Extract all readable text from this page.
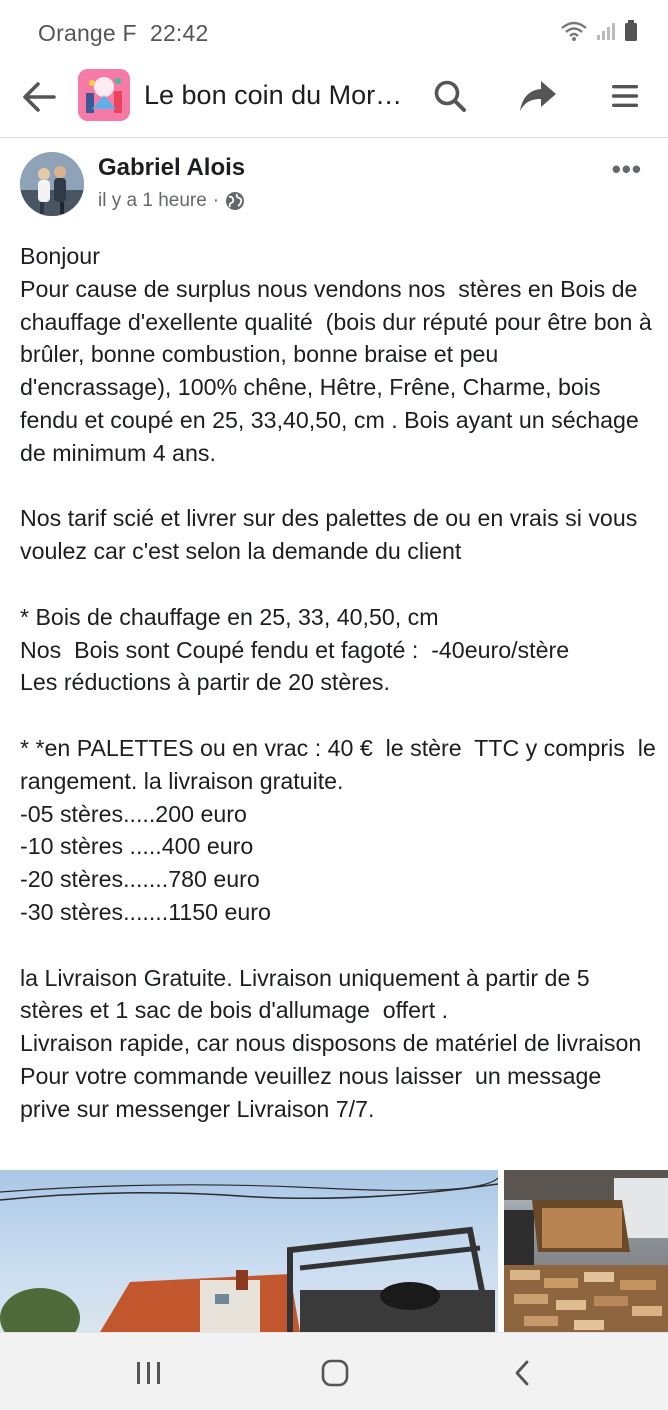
Orange F 22:42
Le bon coin du Mor…
Gabriel Alois
il y a 1 heure ·
•••
Bonjour
Pour cause de surplus nous vendons nos  stères en Bois de chauffage d'exellente qualité  (bois dur réputé pour être bon à brûler, bonne combustion, bonne braise et peu d'encrassage), 100% chêne, Hêtre, Frêne, Charme, bois fendu et coupé en 25, 33,40,50, cm . Bois ayant un séchage de minimum 4 ans.

Nos tarif scié et livrer sur des palettes de ou en vrais si vous voulez car c'est selon la demande du client

* Bois de chauffage en 25, 33, 40,50, cm
Nos  Bois sont Coupé fendu et fagoté :  -40euro/stère
Les réductions à partir de 20 stères.

* *en PALETTES ou en vrac : 40 €  le stère  TTC y compris  le rangement. la livraison gratuite.
-05 stères.....200 euro
-10 stères .....400 euro
-20 stères.......780 euro
-30 stères.......1150 euro

la Livraison Gratuite. Livraison uniquement à partir de 5 stères et 1 sac de bois d'allumage  offert .
Livraison rapide, car nous disposons de matériel de livraison
Pour votre commande veuillez nous laisser  un message prive sur messenger Livraison 7/7.
